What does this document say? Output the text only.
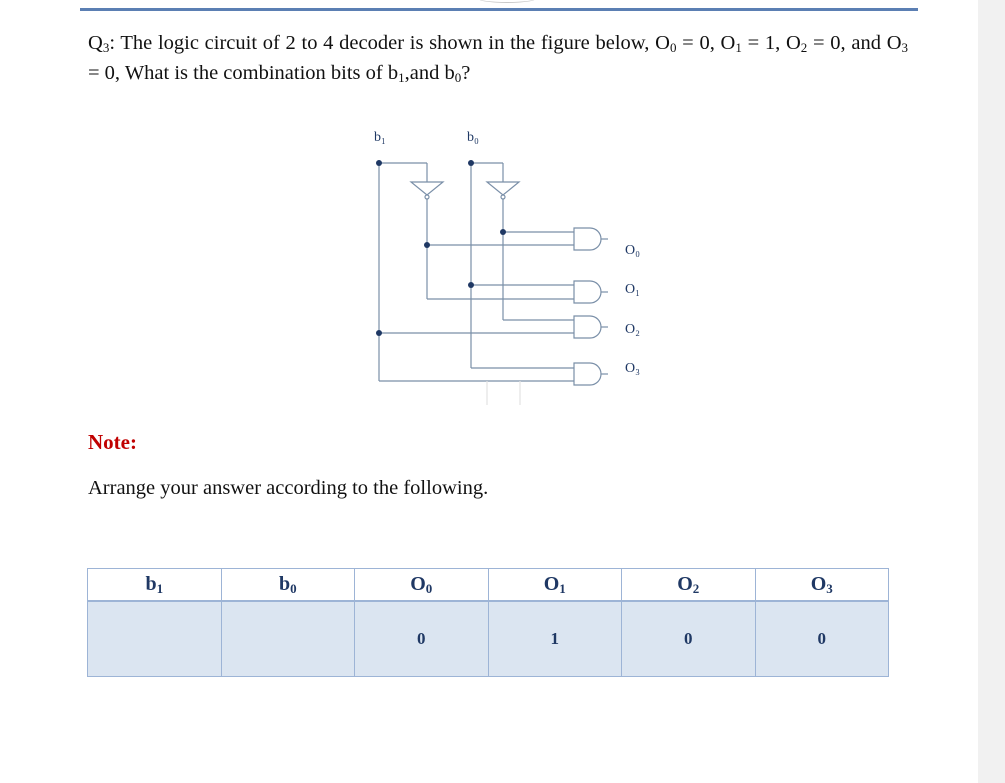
$Q_3$: The logic circuit of 2 to 4 decoder is shown in the figure below, $O_0 = 0$, $O_1 = 1$, $O_2 = 0$, and $O_3 = 0$, What is the combination bits of $b_1,and$ $b_0$?
b₁	b₀
O₀
O₁
O₂
O₃
Note:
Arrange your answer according to the following.
$b_1$	$b_0$	$O_0$	$O_1$	$O_2$	$O_3$
		0	1	0	0
